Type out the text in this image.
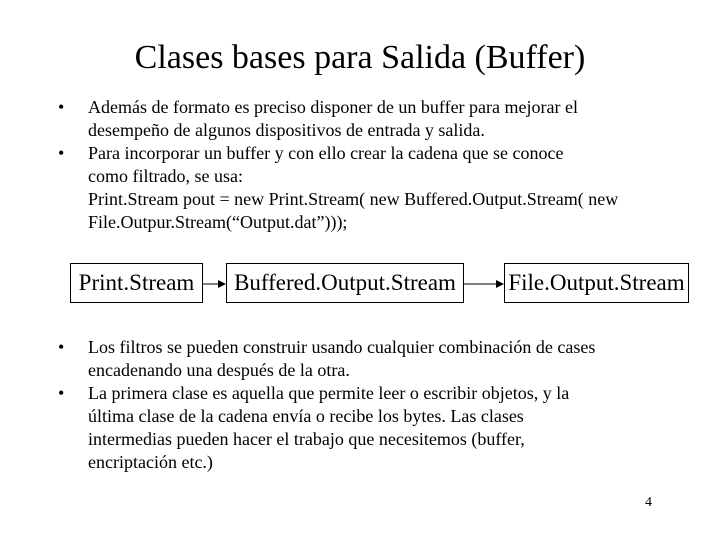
Clases bases para Salida (Buffer)
• Además de formato es preciso disponer de un buffer para mejorar el
desempeño de algunos dispositivos de entrada y salida.
• Para incorporar un buffer y con ello crear la cadena que se conoce
como filtrado, se usa:
Print.Stream pout = new Print.Stream( new Buffered.Output.Stream( new
File.Outpur.Stream(“Output.dat”)));
Print.Stream	Buffered.Output.Stream	File.Output.Stream
• Los filtros se pueden construir usando cualquier combinación de cases
encadenando una después de la otra.
• La primera clase es aquella que permite leer o escribir objetos, y la
última clase de la cadena envía o recibe los bytes. Las clases
intermedias pueden hacer el trabajo que necesitemos (buffer,
encriptación etc.)
4
